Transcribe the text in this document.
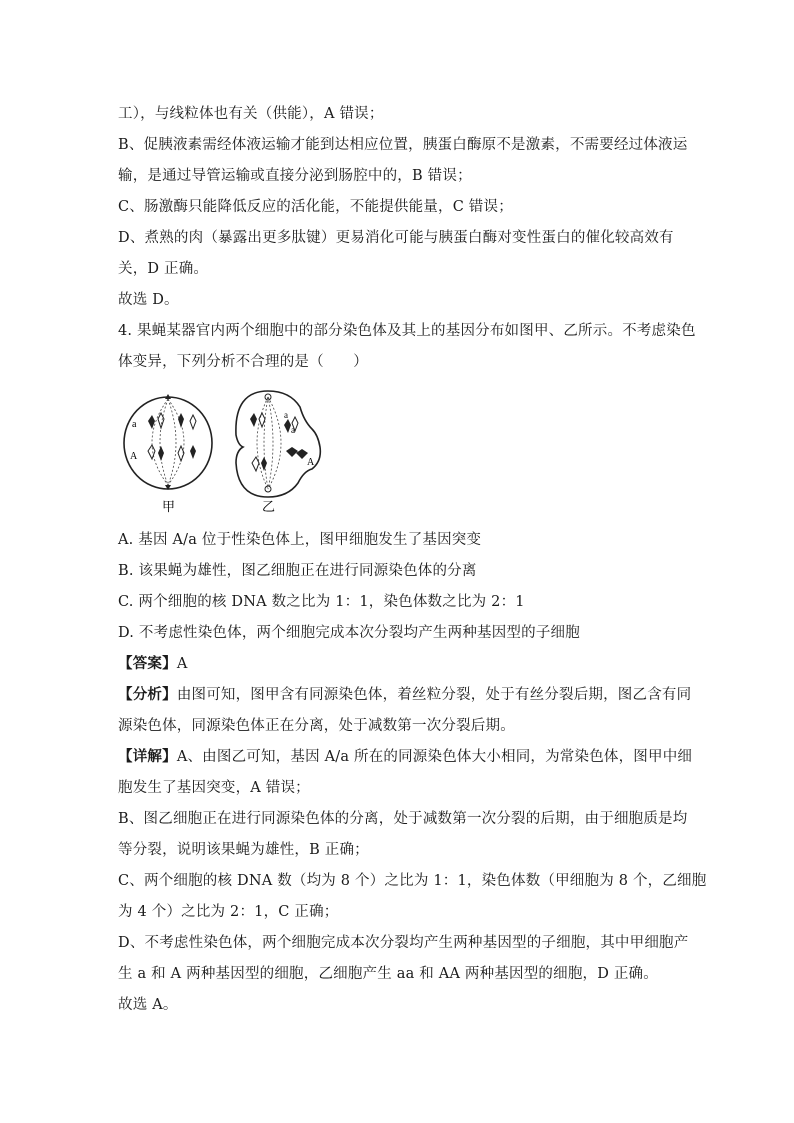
工），与线粒体也有关（供能），A 错误；
B、促胰液素需经体液运输才能到达相应位置，胰蛋白酶原不是激素，不需要经过体液运
输，是通过导管运输或直接分泌到肠腔中的，B 错误；
C、肠激酶只能降低反应的活化能，不能提供能量，C 错误；
D、煮熟的肉（暴露出更多肽键）更易消化可能与胰蛋白酶对变性蛋白的催化较高效有
关，D 正确。
故选 D。
4. 果蝇某器官内两个细胞中的部分染色体及其上的基因分布如图甲、乙所示。不考虑染色
体变异，下列分析不合理的是（　　）
a
A
甲
a
a
A
乙
A. 基因 A/a 位于性染色体上，图甲细胞发生了基因突变
B. 该果蝇为雄性，图乙细胞正在进行同源染色体的分离
C. 两个细胞的核 DNA 数之比为 1：1，染色体数之比为 2：1
D. 不考虑性染色体，两个细胞完成本次分裂均产生两种基因型的子细胞
【答案】A
【分析】由图可知，图甲含有同源染色体，着丝粒分裂，处于有丝分裂后期，图乙含有同
源染色体，同源染色体正在分离，处于减数第一次分裂后期。
【详解】A、由图乙可知，基因 A/a 所在的同源染色体大小相同，为常染色体，图甲中细
胞发生了基因突变，A 错误；
B、图乙细胞正在进行同源染色体的分离，处于减数第一次分裂的后期，由于细胞质是均
等分裂，说明该果蝇为雄性，B 正确；
C、两个细胞的核 DNA 数（均为 8 个）之比为 1：1，染色体数（甲细胞为 8 个，乙细胞
为 4 个）之比为 2：1，C 正确；
D、不考虑性染色体，两个细胞完成本次分裂均产生两种基因型的子细胞，其中甲细胞产
生 a 和 A 两种基因型的细胞，乙细胞产生 aa 和 AA 两种基因型的细胞，D 正确。
故选 A。
